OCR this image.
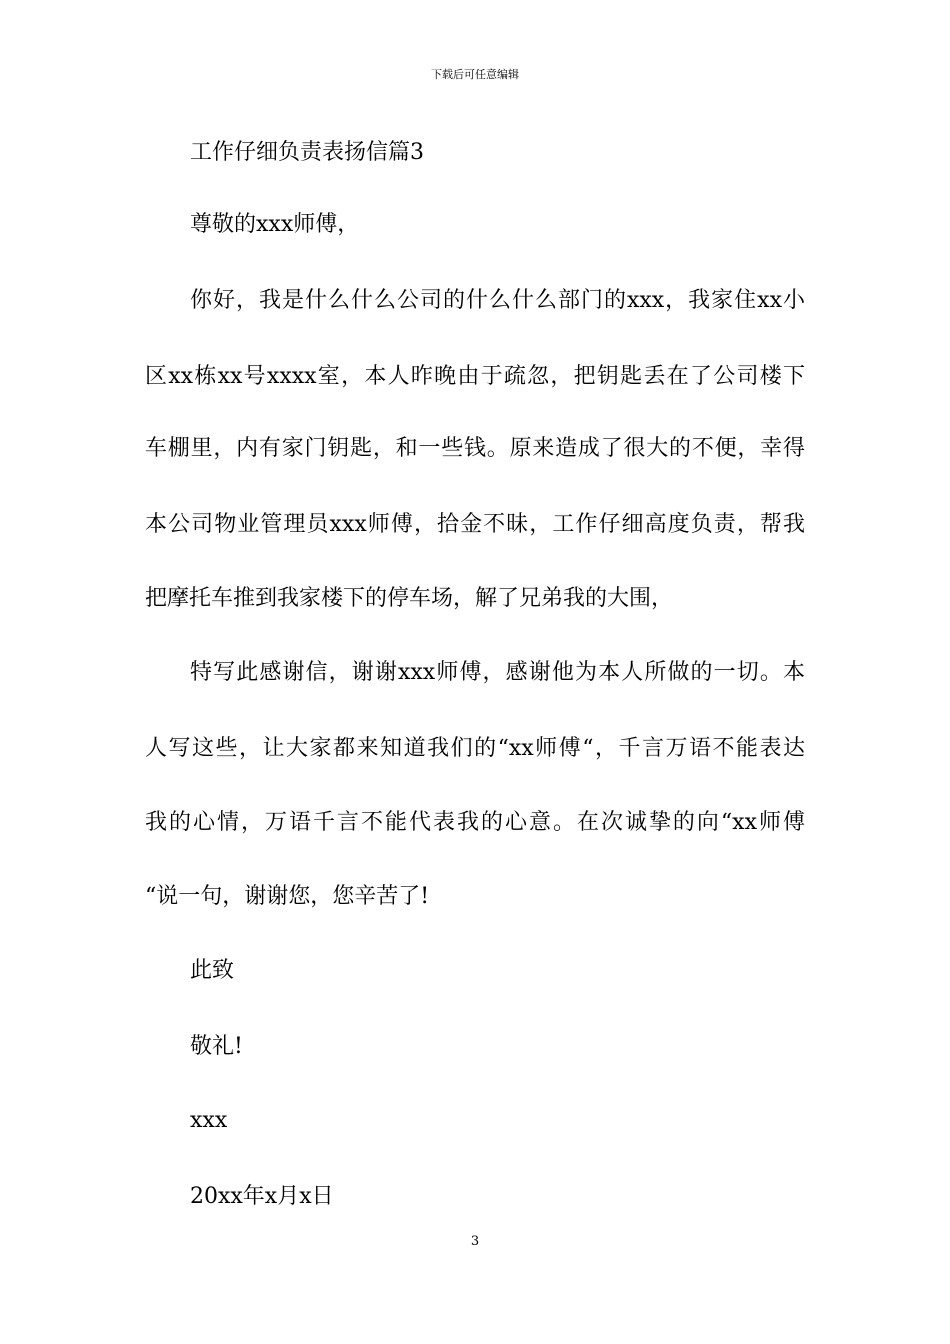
下载后可任意编辑
工作仔细负责表扬信篇3
尊敬的xxx师傅，
你好，我是什么什么公司的什么什么部门的xxx，我家住xx小
区xx栋xx号xxxx室，本人昨晚由于疏忽，把钥匙丢在了公司楼下
车棚里，内有家门钥匙，和一些钱。原来造成了很大的不便，幸得
本公司物业管理员xxx师傅，拾金不昧，工作仔细高度负责，帮我
把摩托车推到我家楼下的停车场，解了兄弟我的大围，
特写此感谢信，谢谢xxx师傅，感谢他为本人所做的一切。本
人写这些，让大家都来知道我们的“xx师傅“，千言万语不能表达
我的心情，万语千言不能代表我的心意。在次诚挚的向“xx师傅
“说一句，谢谢您，您辛苦了!
此致
敬礼!
xxx
20xx年x月x日
3
